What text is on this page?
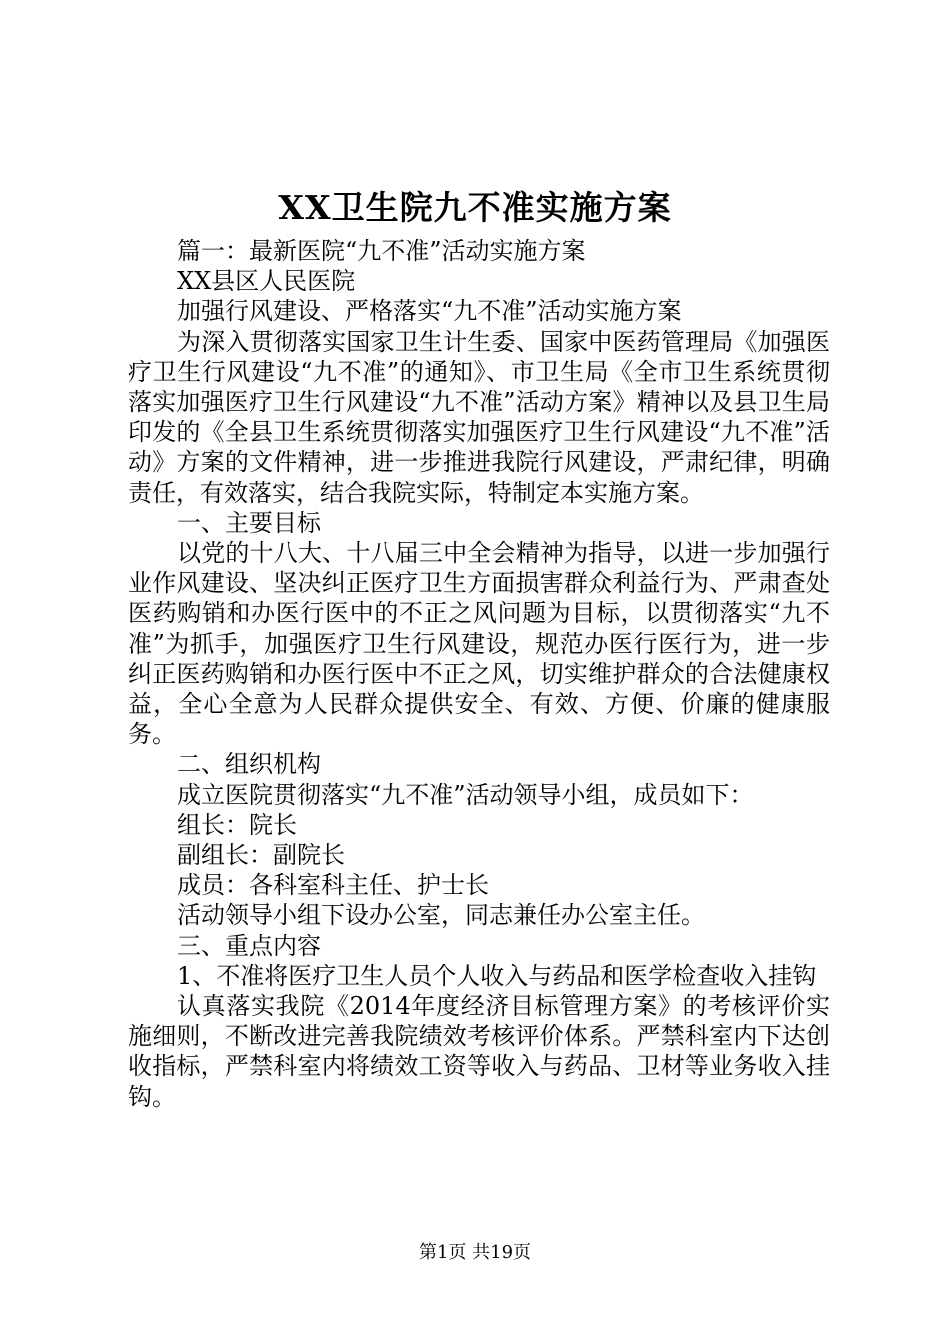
XX卫生院九不准实施方案

篇一：最新医院“九不准”活动实施方案

XX县区人民医院

加强行风建设、严格落实“九不准”活动实施方案

为深入贯彻落实国家卫生计生委、国家中医药管理局《加强医疗卫生行风建设“九不准”的通知》、市卫生局《全市卫生系统贯彻落实加强医疗卫生行风建设“九不准”活动方案》精神以及县卫生局印发的《全县卫生系统贯彻落实加强医疗卫生行风建设“九不准”活动》方案的文件精神，进一步推进我院行风建设，严肃纪律，明确责任，有效落实，结合我院实际，特制定本实施方案。

一、主要目标

以党的十八大、十八届三中全会精神为指导，以进一步加强行业作风建设、坚决纠正医疗卫生方面损害群众利益行为、严肃查处医药购销和办医行医中的不正之风问题为目标，以贯彻落实“九不准”为抓手，加强医疗卫生行风建设，规范办医行医行为，进一步纠正医药购销和办医行医中不正之风，切实维护群众的合法健康权益，全心全意为人民群众提供安全、有效、方便、价廉的健康服务。

二、组织机构

成立医院贯彻落实“九不准”活动领导小组，成员如下：

组长：院长

副组长：副院长

成员：各科室科主任、护士长

活动领导小组下设办公室，同志兼任办公室主任。

三、重点内容

1、不准将医疗卫生人员个人收入与药品和医学检查收入挂钩

认真落实我院《2014年度经济目标管理方案》的考核评价实施细则，不断改进完善我院绩效考核评价体系。严禁科室内下达创收指标，严禁科室内将绩效工资等收入与药品、卫材等业务收入挂钩。

第1页 共19页
